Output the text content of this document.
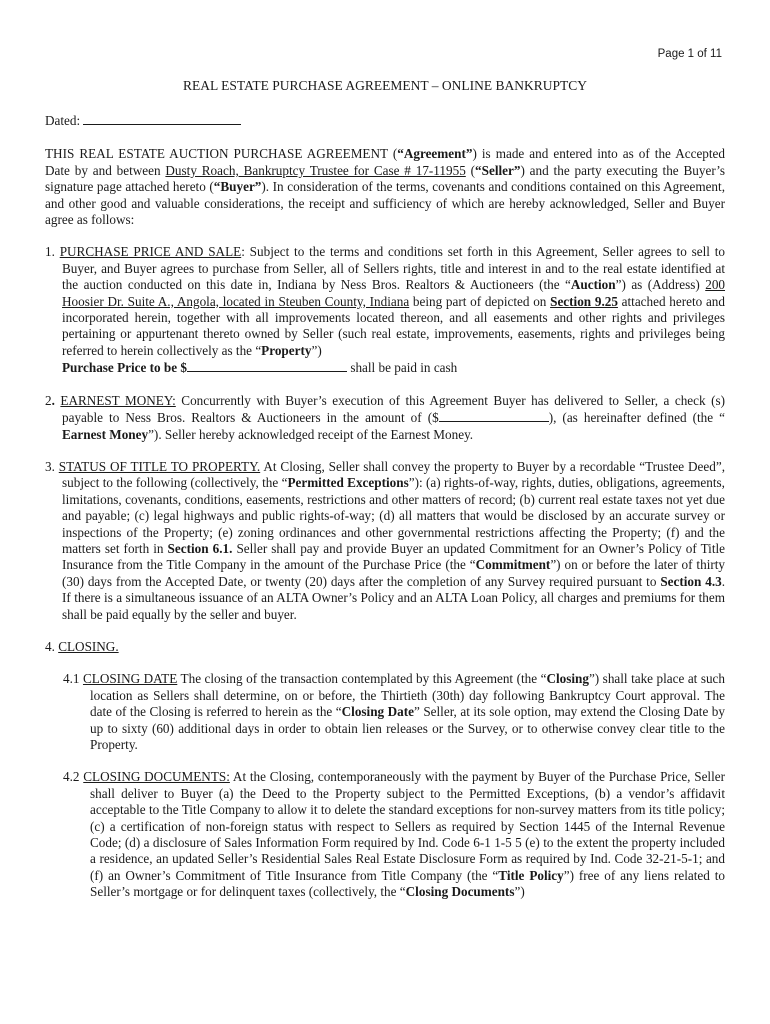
Page 1 of 11
REAL ESTATE PURCHASE AGREEMENT – ONLINE BANKRUPTCY

Dated:

THIS REAL ESTATE AUCTION PURCHASE AGREEMENT (“Agreement”) is made and entered into as of the Accepted Date by and between Dusty Roach, Bankruptcy Trustee for Case # 17-11955 (“Seller”) and the party executing the Buyer’s signature page attached hereto (“Buyer”). In consideration of the terms, covenants and conditions contained on this Agreement, and other good and valuable considerations, the receipt and sufficiency of which are hereby acknowledged, Seller and Buyer agree as follows:

1. PURCHASE PRICE AND SALE: Subject to the terms and conditions set forth in this Agreement, Seller agrees to sell to Buyer, and Buyer agrees to purchase from Seller, all of Sellers rights, title and interest in and to the real estate identified at the auction conducted on this date in, Indiana by Ness Bros. Realtors & Auctioneers (the “Auction”) as (Address) 200 Hoosier Dr. Suite A., Angola, located in Steuben County, Indiana being part of depicted on Section 9.25 attached hereto and incorporated herein, together with all improvements located thereon, and all easements and other rights and privileges pertaining or appurtenant thereto owned by Seller (such real estate, improvements, easements, rights and privileges being referred to herein collectively as the “Property”)
Purchase Price to be $	shall be paid in cash

2. EARNEST MONEY: Concurrently with Buyer’s execution of this Agreement Buyer has delivered to Seller, a check (s) payable to Ness Bros. Realtors & Auctioneers in the amount of ($	), (as hereinafter defined (the “ Earnest Money”). Seller hereby acknowledged receipt of the Earnest Money.

3. STATUS OF TITLE TO PROPERTY. At Closing, Seller shall convey the property to Buyer by a recordable “Trustee Deed”, subject to the following (collectively, the “Permitted Exceptions”): (a) rights-of-way, rights, duties, obligations, agreements, limitations, covenants, conditions, easements, restrictions and other matters of record; (b) current real estate taxes not yet due and payable; (c) legal highways and public rights-of-way; (d) all matters that would be disclosed by an accurate survey or inspections of the Property; (e) zoning ordinances and other governmental restrictions affecting the Property; (f) and the matters set forth in Section 6.1. Seller shall pay and provide Buyer an updated Commitment for an Owner’s Policy of Title Insurance from the Title Company in the amount of the Purchase Price (the “Commitment”) on or before the later of thirty (30) days from the Accepted Date, or twenty (20) days after the completion of any Survey required pursuant to Section 4.3. If there is a simultaneous issuance of an ALTA Owner’s Policy and an ALTA Loan Policy, all charges and premiums for them shall be paid equally by the seller and buyer.

4. CLOSING.

4.1 CLOSING DATE The closing of the transaction contemplated by this Agreement (the “Closing”) shall take place at such location as Sellers shall determine, on or before, the Thirtieth (30th) day following Bankruptcy Court approval. The date of the Closing is referred to herein as the “Closing Date” Seller, at its sole option, may extend the Closing Date by up to sixty (60) additional days in order to obtain lien releases or the Survey, or to otherwise convey clear title to the Property.

4.2 CLOSING DOCUMENTS: At the Closing, contemporaneously with the payment by Buyer of the Purchase Price, Seller shall deliver to Buyer (a) the Deed to the Property subject to the Permitted Exceptions, (b) a vendor’s affidavit acceptable to the Title Company to allow it to delete the standard exceptions for non-survey matters from its title policy; (c) a certification of non-foreign status with respect to Sellers as required by Section 1445 of the Internal Revenue Code; (d) a disclosure of Sales Information Form required by Ind. Code 6-1 1-5 5 (e) to the extent the property included a residence, an updated Seller’s Residential Sales Real Estate Disclosure Form as required by Ind. Code 32-21-5-1; and (f) an Owner’s Commitment of Title Insurance from Title Company (the “Title Policy”) free of any liens related to Seller’s mortgage or for delinquent taxes (collectively, the “Closing Documents”)
